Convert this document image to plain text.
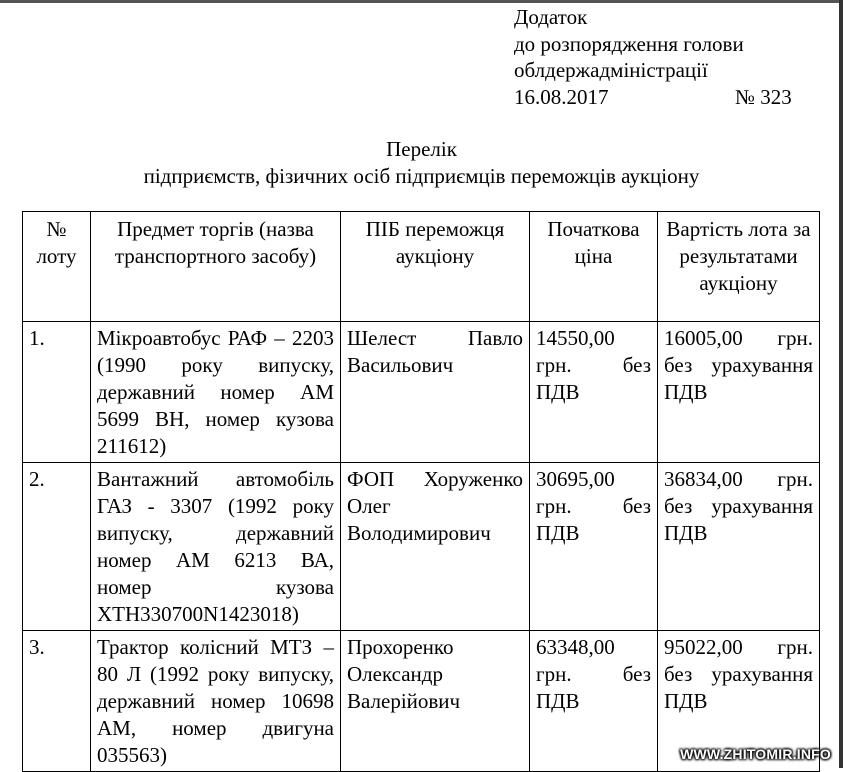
Додаток
до розпорядження голови
облдержадміністрації
16.08.2017	№ 323
Перелік
підприємств, фізичних осіб підприємців переможців аукціону
№ лоту	Предмет торгів (назва транспортного засобу)	ПІБ переможця аукціону	Початкова ціна	Вартість лота за результатами аукціону
1.	Мікроавтобус РАФ – 2203 (1990 року випуску, державний номер АМ 5699 ВН, номер кузова 211612)	Шелест Павло Васильович	14550,00 грн. без ПДВ	16005,00 грн. без урахування ПДВ
2.	Вантажний автомобіль ГАЗ - 3307 (1992 року випуску, державний номер АМ 6213 ВА, номер кузова XTH330700N1423018)	ФОП Хоруженко Олег Володимирович	30695,00 грн. без ПДВ	36834,00 грн. без урахування ПДВ
3.	Трактор колісний МТЗ – 80 Л (1992 року випуску, державний номер 10698 АМ, номер двигуна 035563)	Прохоренко Олександр Валерійович	63348,00 грн. без ПДВ	95022,00 грн. без урахування ПДВ
WWW.ZHITOMIR.INFO
